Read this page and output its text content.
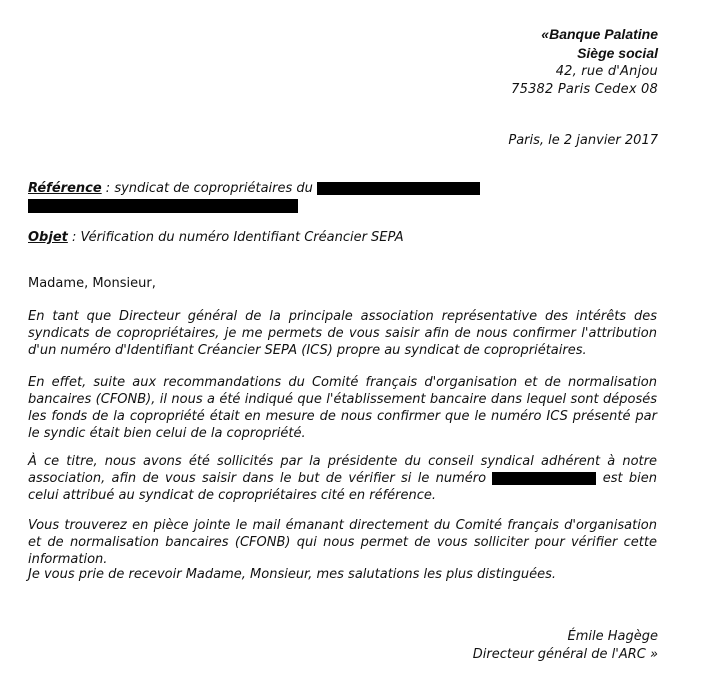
«Banque Palatine
Siège social
42, rue d'Anjou
75382 Paris Cedex 08
Paris, le 2 janvier 2017
Référence : syndicat de copropriétaires du
Objet : Vérification du numéro Identifiant Créancier SEPA
Madame, Monsieur,

En tant que Directeur général de la principale association représentative des intérêts des syndicats de copropriétaires, je me permets de vous saisir afin de nous confirmer l'attribution d'un numéro d'Identifiant Créancier SEPA (ICS) propre au syndicat de copropriétaires.

En effet, suite aux recommandations du Comité français d'organisation et de normalisation bancaires (CFONB), il nous a été indiqué que l'établissement bancaire dans lequel sont déposés les fonds de la copropriété était en mesure de nous confirmer que le numéro ICS présenté par le syndic était bien celui de la copropriété.

À ce titre, nous avons été sollicités par la présidente du conseil syndical adhérent à notre association, afin de vous saisir dans le but de vérifier si le numéro	est bien celui attribué au syndicat de copropriétaires cité en référence.

Vous trouverez en pièce jointe le mail émanant directement du Comité français d'organisation et de normalisation bancaires (CFONB) qui nous permet de vous solliciter pour vérifier cette information.

Je vous prie de recevoir Madame, Monsieur, mes salutations les plus distinguées.

Émile Hagège
Directeur général de l'ARC »
